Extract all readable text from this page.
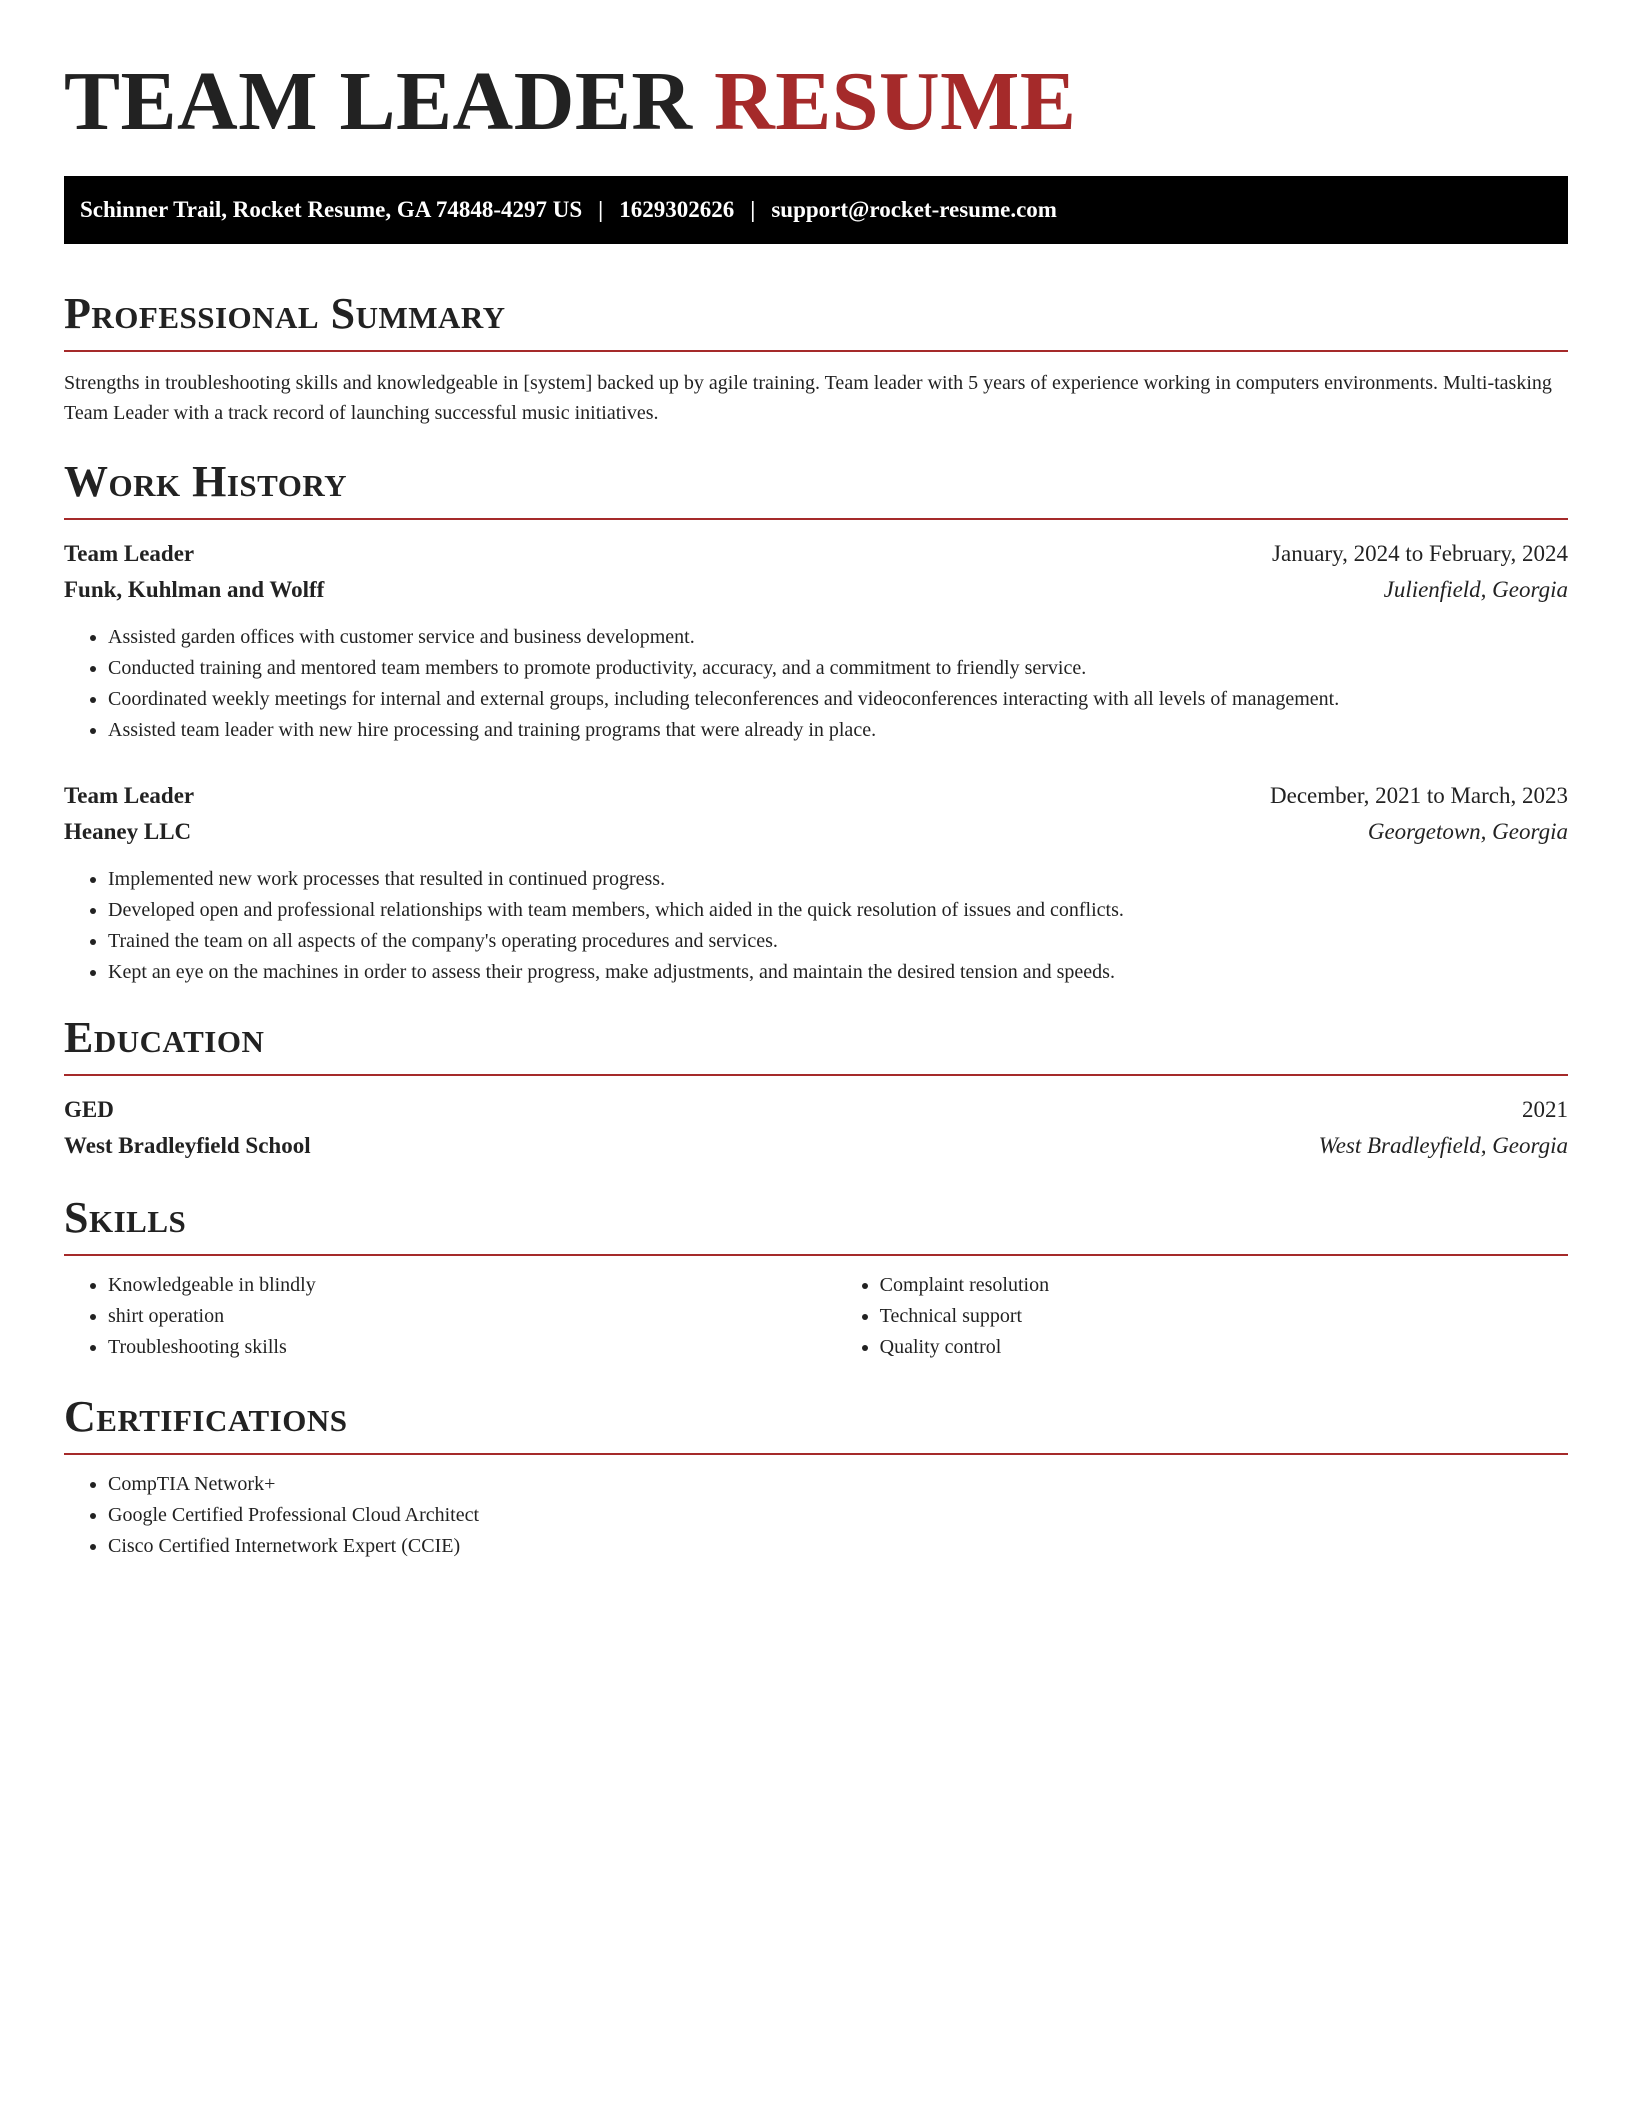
TEAM LEADER RESUME
Schinner Trail, Rocket Resume, GA 74848-4297 US | 1629302626 | support@rocket-resume.com
Professional Summary
Strengths in troubleshooting skills and knowledgeable in [system] backed up by agile training. Team leader with 5 years of experience working in computers environments. Multi-tasking Team Leader with a track record of launching successful music initiatives.
Work History
Team Leader	January, 2024 to February, 2024
Funk, Kuhlman and Wolff	Julienfield, Georgia
• Assisted garden offices with customer service and business development.
• Conducted training and mentored team members to promote productivity, accuracy, and a commitment to friendly service.
• Coordinated weekly meetings for internal and external groups, including teleconferences and videoconferences interacting with all levels of management.
• Assisted team leader with new hire processing and training programs that were already in place.
Team Leader	December, 2021 to March, 2023
Heaney LLC	Georgetown, Georgia
• Implemented new work processes that resulted in continued progress.
• Developed open and professional relationships with team members, which aided in the quick resolution of issues and conflicts.
• Trained the team on all aspects of the company's operating procedures and services.
• Kept an eye on the machines in order to assess their progress, make adjustments, and maintain the desired tension and speeds.
Education
GED	2021
West Bradleyfield School	West Bradleyfield, Georgia
Skills
• Knowledgeable in blindly
• shirt operation
• Troubleshooting skills
• Complaint resolution
• Technical support
• Quality control
Certifications
• CompTIA Network+
• Google Certified Professional Cloud Architect
• Cisco Certified Internetwork Expert (CCIE)
